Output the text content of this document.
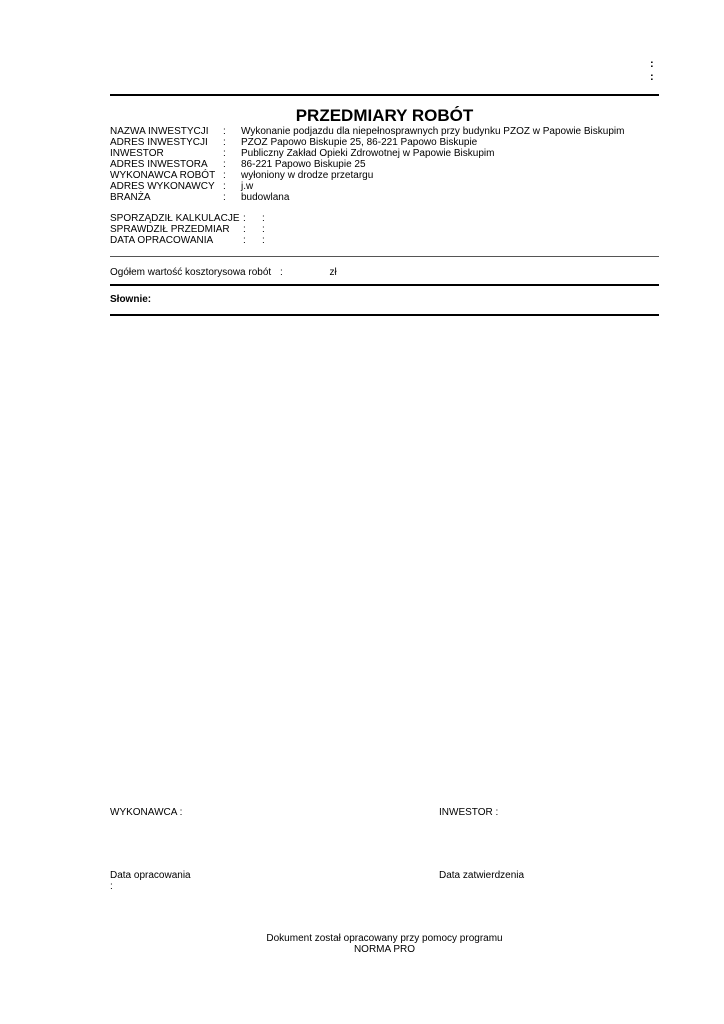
:
:
PRZEDMIARY ROBÓT
NAZWA INWESTYCJI : Wykonanie podjazdu dla niepełnosprawnych przy budynku PZOZ w Papowie Biskupim
ADRES INWESTYCJI : PZOZ Papowo Biskupie 25, 86-221 Papowo Biskupie
INWESTOR	: Publiczny Zakład Opieki Zdrowotnej w Papowie Biskupim
ADRES INWESTORA : 86-221 Papowo Biskupie 25
WYKONAWCA ROBÓT : wyłoniony w drodze przetargu
ADRES WYKONAWCY : j.w
BRANŻA	: budowlana
SPORZĄDZIŁ KALKULACJE : :
SPRAWDZIŁ PRZEDMIAR : :
DATA OPRACOWANIA	: :
Ogółem wartość kosztorysowa robót :	zł
Słownie:
WYKONAWCA :	INWESTOR :
Data opracowania
:
Data zatwierdzenia
Dokument został opracowany przy pomocy programu
NORMA PRO
